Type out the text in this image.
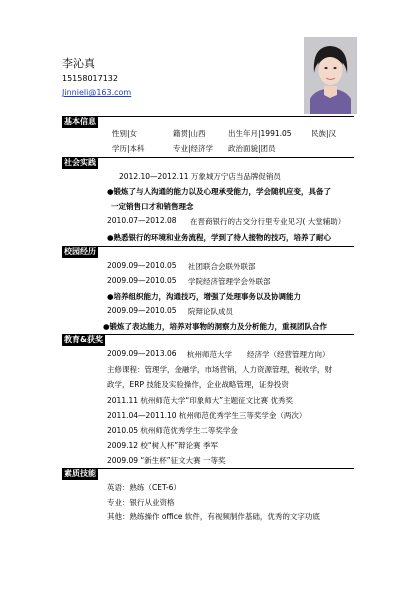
李沁真
15158017132
Jinnieli@163.com
基本信息
性别|女	籍贯|山西	出生年月|1991.05	民族|汉
学历|本科	专业|经济学 政治面貌|团员
社会实践
2012.10—2012.11 万象城万宁店当品牌促销员
●锻炼了与人沟通的能力以及心理承受能力，学会随机应变，具备了
一定销售口才和销售理念
2010.07—2012.08 在晋商银行的古交分行里专业见习( 大堂辅助）
●熟悉银行的环境和业务流程，学到了待人接物的技巧，培养了耐心
校园经历
2009.09—2010.05 社团联合会联外联部
2009.09—2010.05 学院经济管理学会外联部
●培养组织能力，沟通技巧，增强了处理事务以及协调能力
2009.09—2010.05 院辩论队成员
●锻炼了表达能力，培养对事物的洞察力及分析能力，重视团队合作
教育&获奖
2009.09—2013.06 杭州师范大学 经济学（经营管理方向）
主修课程：管理学，金融学，市场营销，人力资源管理，税收学，财
政学，ERP 技能及实验操作，企业战略管理，证券投资
2011.11 杭州师范大学“印象师大”主题征文比赛 优秀奖
2011.04—2011.10 杭州师范优秀学生三等奖学金（两次）
2010.05 杭州师范优秀学生二等奖学金
2009.12 校“树人杯”辩论赛 季军
2009.09 “新生杯”征文大赛 一等奖
素质技能
英语：熟练（CET-6）
专业：银行从业资格
其他：熟练操作 office 软件，有视频制作基础，优秀的文字功底
